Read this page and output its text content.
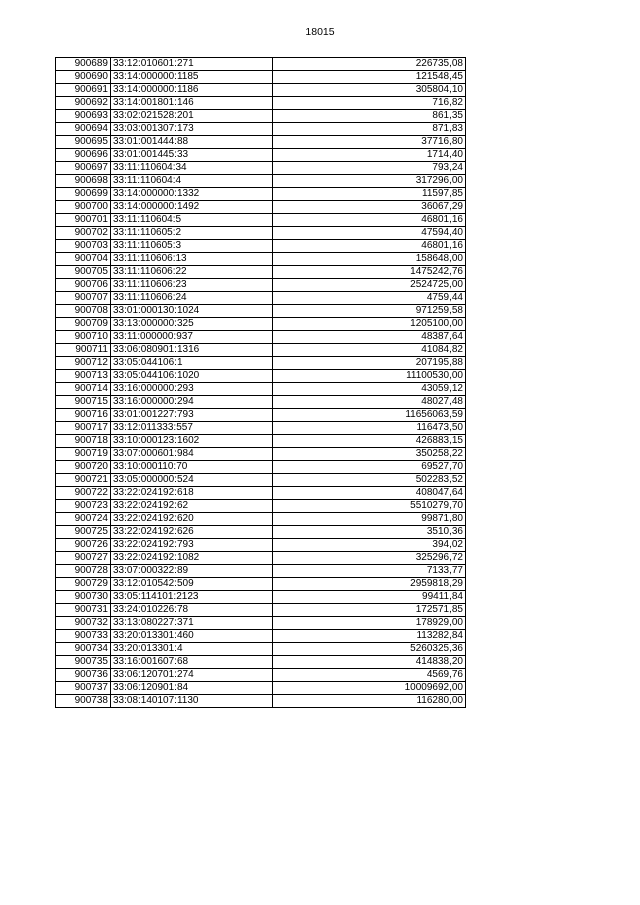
18015
900689	33:12:010601:271	226735,08
900690	33:14:000000:1185	121548,45
900691	33:14:000000:1186	305804,10
900692	33:14:001801:146	716,82
900693	33:02:021528:201	861,35
900694	33:03:001307:173	871,83
900695	33:01:001444:88	37716,80
900696	33:01:001445:33	1714,40
900697	33:11:110604:34	793,24
900698	33:11:110604:4	317296,00
900699	33:14:000000:1332	11597,85
900700	33:14:000000:1492	36067,29
900701	33:11:110604:5	46801,16
900702	33:11:110605:2	47594,40
900703	33:11:110605:3	46801,16
900704	33:11:110606:13	158648,00
900705	33:11:110606:22	1475242,76
900706	33:11:110606:23	2524725,00
900707	33:11:110606:24	4759,44
900708	33:01:000130:1024	971259,58
900709	33:13:000000:325	1205100,00
900710	33:11:000000:937	48387,64
900711	33:06:080901:1316	41084,82
900712	33:05:044106:1	207195,88
900713	33:05:044106:1020	11100530,00
900714	33:16:000000:293	43059,12
900715	33:16:000000:294	48027,48
900716	33:01:001227:793	11656063,59
900717	33:12:011333:557	116473,50
900718	33:10:000123:1602	426883,15
900719	33:07:000601:984	350258,22
900720	33:10:000110:70	69527,70
900721	33:05:000000:524	502283,52
900722	33:22:024192:618	408047,64
900723	33:22:024192:62	5510279,70
900724	33:22:024192:620	99871,80
900725	33:22:024192:626	3510,36
900726	33:22:024192:793	394,02
900727	33:22:024192:1082	325296,72
900728	33:07:000322:89	7133,77
900729	33:12:010542:509	2959818,29
900730	33:05:114101:2123	99411,84
900731	33:24:010226:78	172571,85
900732	33:13:080227:371	178929,00
900733	33:20:013301:460	113282,84
900734	33:20:013301:4	5260325,36
900735	33:16:001607:68	414838,20
900736	33:06:120701:274	4569,76
900737	33:06:120901:84	10009692,00
900738	33:08:140107:1130	116280,00
